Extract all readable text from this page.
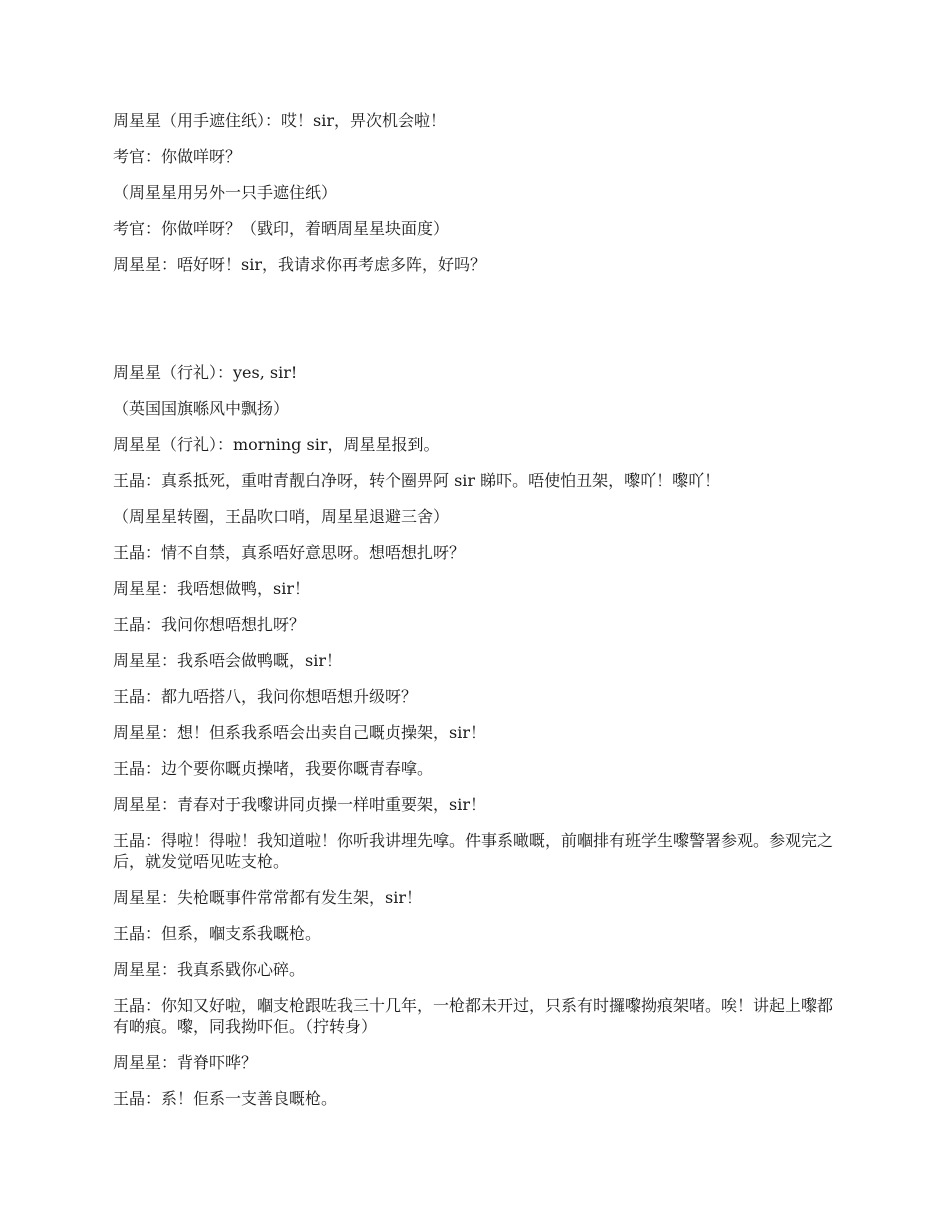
周星星（用手遮住纸）：哎！sir，畀次机会啦！

考官：你做咩呀？

（周星星用另外一只手遮住纸）

考官：你做咩呀？（戥印，着晒周星星块面度）

周星星：唔好呀！sir，我请求你再考虑多阵，好吗？

周星星（行礼）：yes, sir!

（英国国旗喺风中飘扬）

周星星（行礼）：morning sir，周星星报到。

王晶：真系抵死，重咁青靓白净呀，转个圈畀阿 sir 睇吓。唔使怕丑架，嚟吖！嚟吖！

（周星星转圈，王晶吹口哨，周星星退避三舍）

王晶：情不自禁，真系唔好意思呀。想唔想扎呀？

周星星：我唔想做鸭，sir！

王晶：我问你想唔想扎呀？

周星星：我系唔会做鸭嘅，sir！

王晶：都九唔搭八，我问你想唔想升级呀？

周星星：想！但系我系唔会出卖自己嘅贞操架，sir！

王晶：边个要你嘅贞操啫，我要你嘅青春嗱。

周星星：青春对于我嚟讲同贞操一样咁重要架，sir！

王晶：得啦！得啦！我知道啦！你听我讲埋先嗱。件事系噉嘅，前嗰排有班学生嚟警署参观。参观完之后，就发觉唔见咗支枪。

周星星：失枪嘅事件常常都有发生架，sir！

王晶：但系，嗰支系我嘅枪。

周星星：我真系戥你心碎。

王晶：你知又好啦，嗰支枪跟咗我三十几年，一枪都未开过，只系有时攞嚟拗痕架啫。唉！讲起上嚟都有啲痕。嚟，同我拗吓佢。（拧转身）

周星星：背脊吓哗？

王晶：系！佢系一支善良嘅枪。
